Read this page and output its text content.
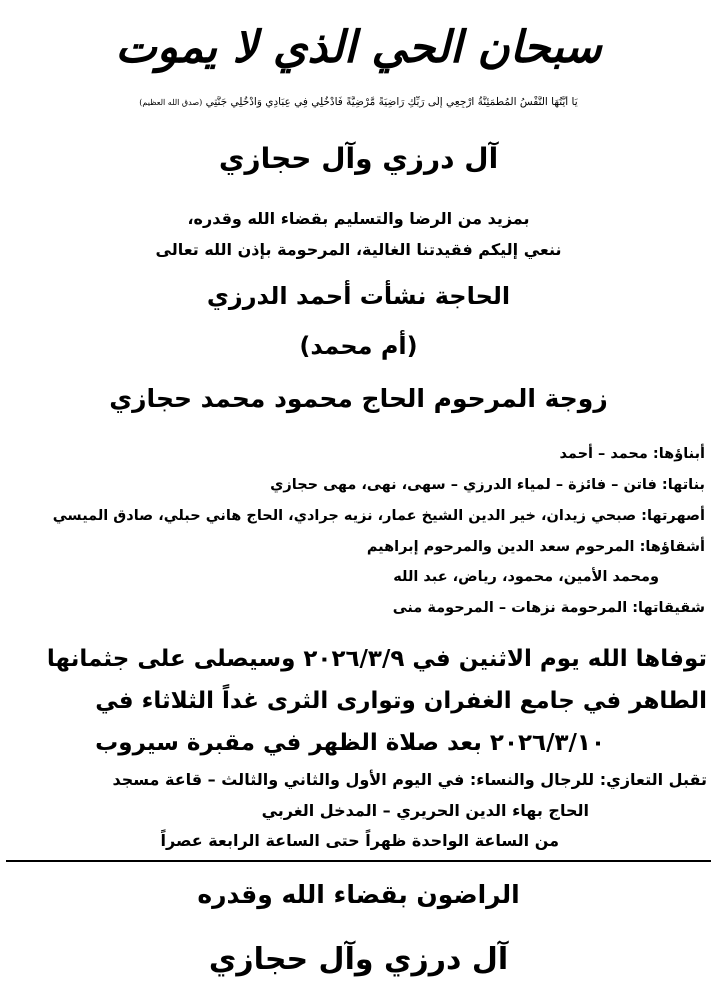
سبحان الحي الذي لا يموت
يَا أَيَّتُهَا النَّفْسُ الْمُطْمَئِنَّةُ ارْجِعِي إِلَى رَبِّكِ رَاضِيَةً مَّرْضِيَّةً فَادْخُلِي فِي عِبَادِي وَادْخُلِي جَنَّتِي (صدق الله العظيم)
آل درزي وآل حجازي
بمزيد من الرضا والتسليم بقضاء الله وقدره،
ننعي إليكم فقيدتنا الغالية، المرحومة بإذن الله تعالى
الحاجة نشأت أحمد الدرزي
(أم محمد)
زوجة المرحوم الحاج محمود محمد حجازي
أبناؤها: محمد – أحمد
بناتها: فاتن – فائزة – لمياء الدرزي – سهى، نهى، مهى حجازي
أصهرتها: صبحي زيدان، خير الدين الشيخ عمار، نزيه جرادي، الحاج هاني حبلي، صادق الميسي
أشقاؤها: المرحوم سعد الدين والمرحوم إبراهيم
ومحمد الأمين، محمود، رياض، عبد الله
شقيقاتها: المرحومة نزهات – المرحومة منى
توفاها الله يوم الاثنين في ٢٠٢٦/٣/٩ وسيصلى على جثمانها
الطاهر في جامع الغفران وتوارى الثرى غداً الثلاثاء في
٢٠٢٦/٣/١٠ بعد صلاة الظهر في مقبرة سيروب
تقبل التعازي: للرجال والنساء: في اليوم الأول والثاني والثالث – قاعة مسجد
الحاج بهاء الدين الحريري – المدخل الغربي
من الساعة الواحدة ظهراً حتى الساعة الرابعة عصراً
الراضون بقضاء الله وقدره
آل درزي وآل حجازي
